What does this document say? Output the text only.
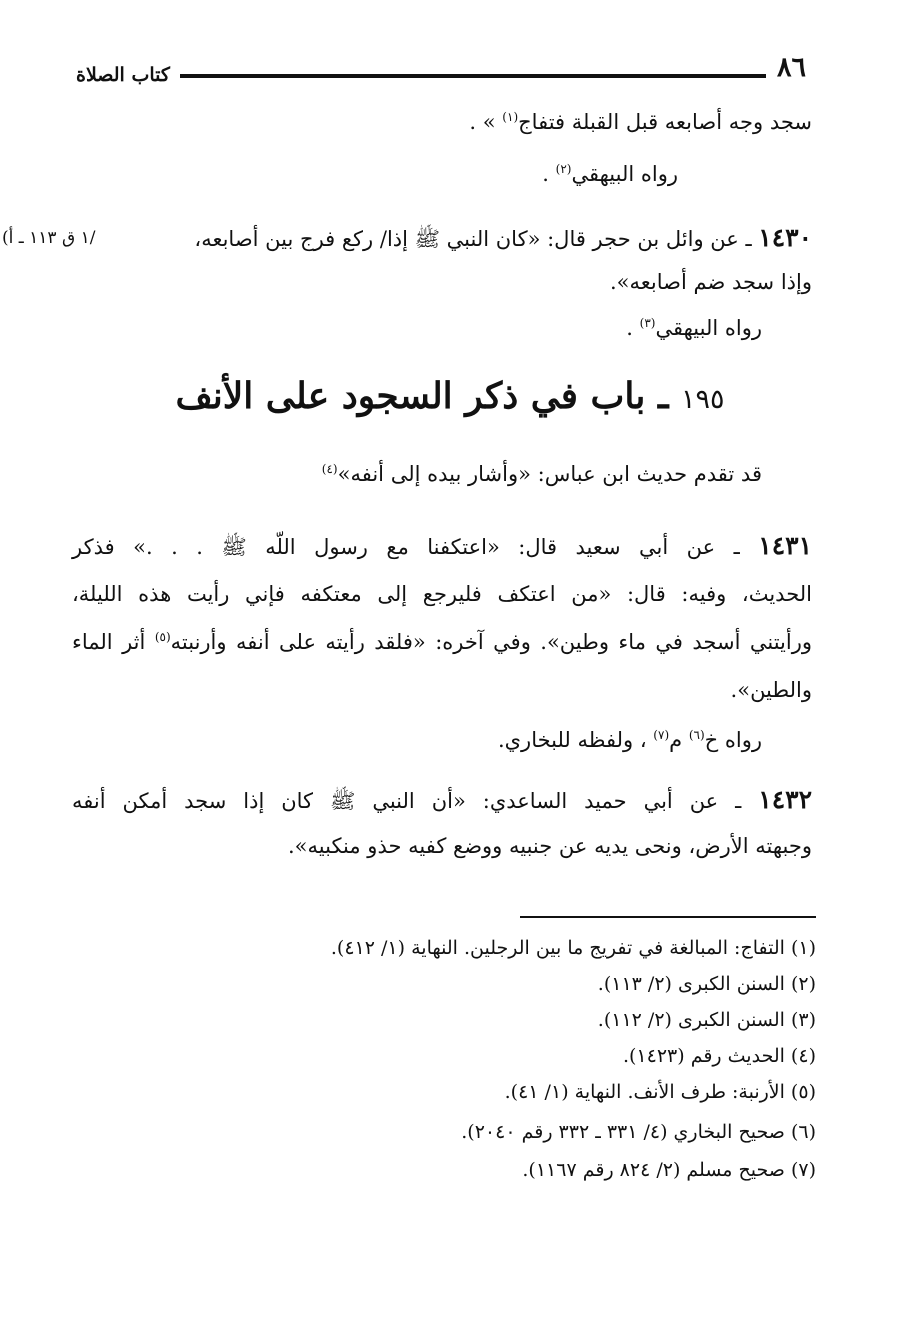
٨٦
كتاب الصلاة
سجد وجه أصابعه قبل القبلة فتفاج$^{(١)}$ » .
رواه البيهقي$^{(٢)}$ .
/١ ق ١١٣ ـ أ)	١٤٣٠ ـ عن وائل بن حجر قال: «كان النبي ﷺ إذا/ ركع فرج بين أصابعه،
وإذا سجد ضم أصابعه».
رواه البيهقي$^{(٣)}$ .
١٩٥ ـ باب في ذكر السجود على الأنف
قد تقدم حديث ابن عباس: «وأشار بيده إلى أنفه»$^{(٤)}$
١٤٣١ ـ عن أبي سعيد قال: «اعتكفنا مع رسول اللّه ﷺ . . .» فذكر
الحديث، وفيه: قال: «من اعتكف فليرجع إلى معتكفه فإني رأيت هذه الليلة،
ورأيتني أسجد في ماء وطين». وفي آخره: «فلقد رأيته على أنفه وأرنبته$^{(٥)}$ أثر الماء
والطين».
رواه خ$^{(٦)}$ م$^{(٧)}$ ، ولفظه للبخاري.
١٤٣٢ ـ عن أبي حميد الساعدي: «أن النبي ﷺ كان إذا سجد أمكن أنفه
وجبهته الأرض، ونحى يديه عن جنبيه ووضع كفيه حذو منكبيه».
(١) التفاج: المبالغة في تفريج ما بين الرجلين. النهاية (١/ ٤١٢).
(٢) السنن الكبرى (٢/ ١١٣).
(٣) السنن الكبرى (٢/ ١١٢).
(٤) الحديث رقم (١٤٢٣).
(٥) الأرنبة: طرف الأنف. النهاية (١/ ٤١).
(٦) صحيح البخاري (٤/ ٣٣١ ـ ٣٣٢ رقم ٢٠٤٠).
(٧) صحيح مسلم (٢/ ٨٢٤ رقم ١١٦٧).
